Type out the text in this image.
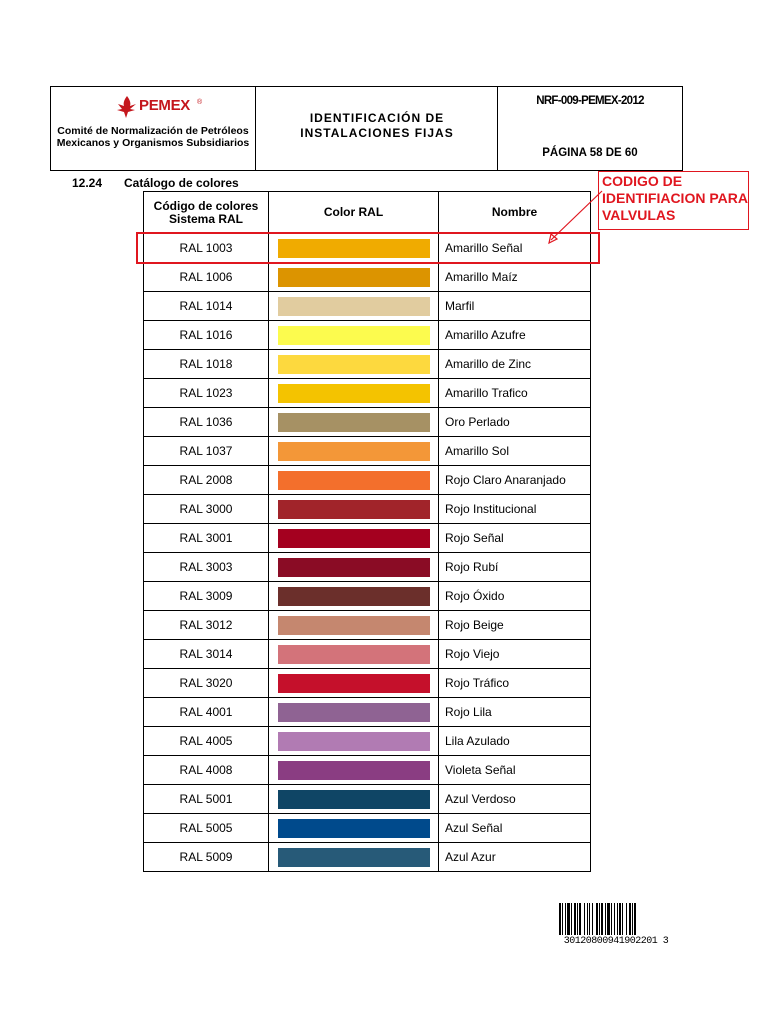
PEMEX ®
Comité de Normalización de Petróleos Mexicanos y Organismos Subsidiarios
IDENTIFICACIÓN DE INSTALACIONES FIJAS
NRF-009-PEMEX-2012
PÁGINA 58 DE 60
12.24 Catálogo de colores
Código de colores Sistema RAL	Color RAL	Nombre
RAL 1003		Amarillo Señal
RAL 1006		Amarillo Maíz
RAL 1014		Marfil
RAL 1016		Amarillo Azufre
RAL 1018		Amarillo de Zinc
RAL 1023		Amarillo Trafico
RAL 1036		Oro Perlado
RAL 1037		Amarillo Sol
RAL 2008		Rojo Claro Anaranjado
RAL 3000		Rojo Institucional
RAL 3001		Rojo Señal
RAL 3003		Rojo Rubí
RAL 3009		Rojo Óxido
RAL 3012		Rojo Beige
RAL 3014		Rojo Viejo
RAL 3020		Rojo Tráfico
RAL 4001		Rojo Lila
RAL 4005		Lila Azulado
RAL 4008		Violeta Señal
RAL 5001		Azul Verdoso
RAL 5005		Azul Señal
RAL 5009		Azul Azur
CODIGO DE IDENTIFIACION PARA VALVULAS
30120800941902201 3
